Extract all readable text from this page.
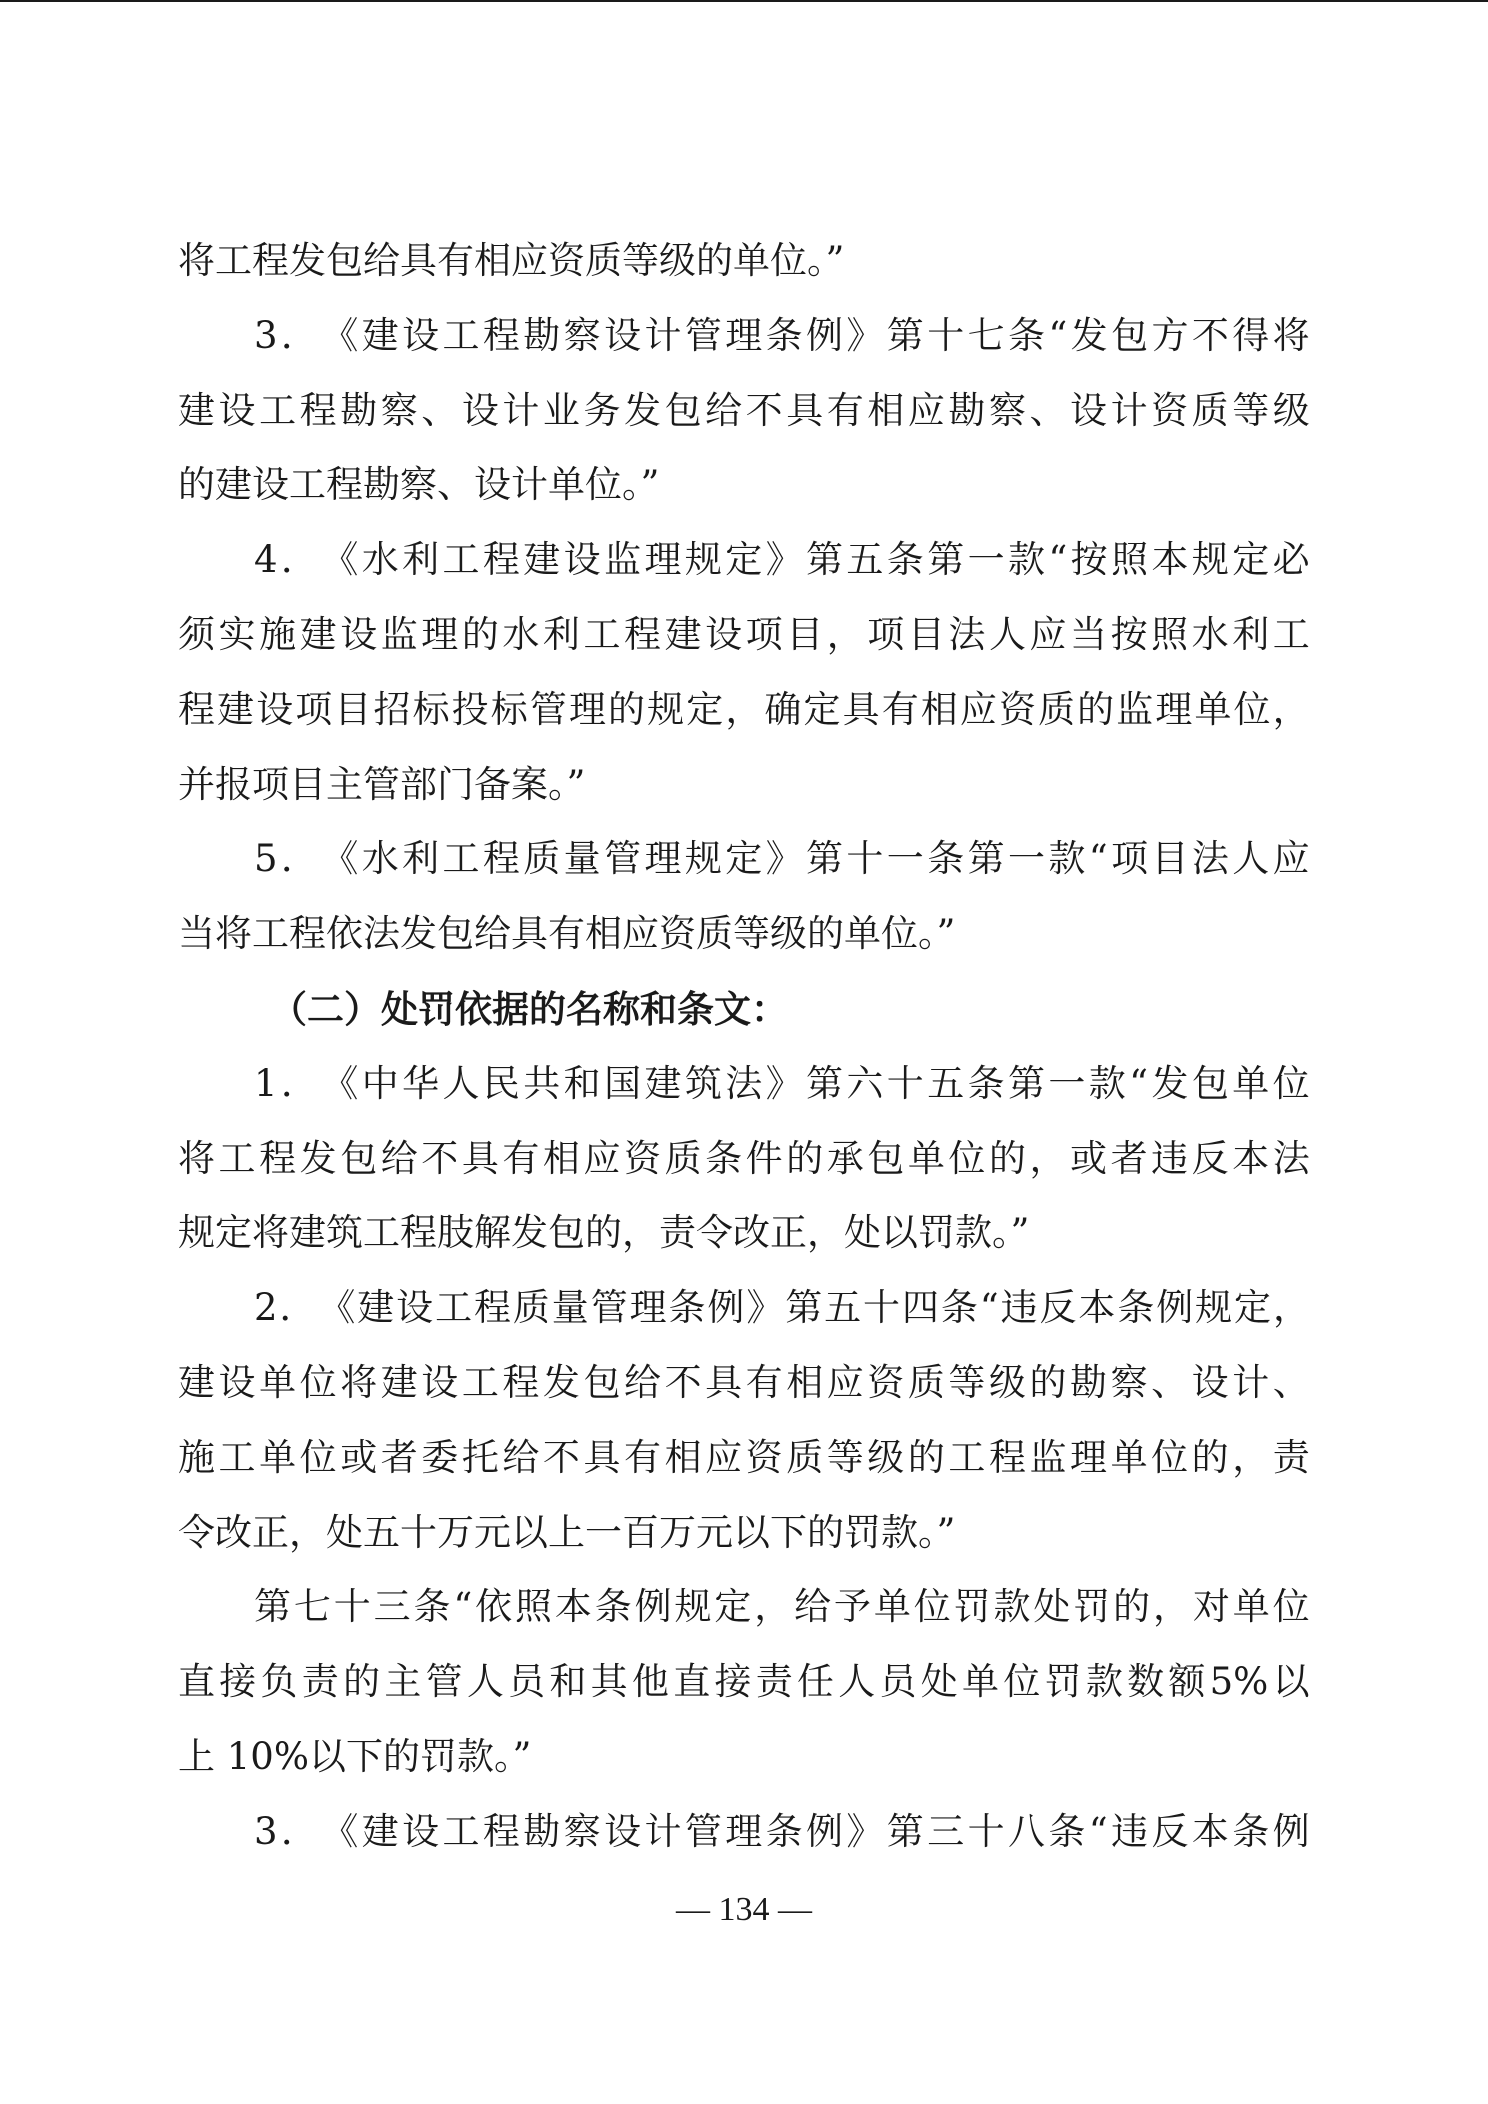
将工程发包给具有相应资质等级的单位。”
3 ． 《 建 设 工 程 勘 察 设 计 管 理 条 例 》 第 十 七 条 “ 发 包 方 不 得 将
建 设 工 程 勘 察 、 设 计 业 务 发 包 给 不 具 有 相 应 勘 察 、 设 计 资 质 等 级
的建设工程勘察、设计单位。”
4 ． 《 水 利 工 程 建 设 监 理 规 定 》 第 五 条 第 一 款 “ 按 照 本 规 定 必
须 实 施 建 设 监 理 的 水 利 工 程 建 设 项 目 ， 项 目 法 人 应 当 按 照 水 利 工
程 建 设 项 目 招 标 投 标 管 理 的 规 定 ， 确 定 具 有 相 应 资 质 的 监 理 单 位 ，
并报项目主管部门备案。”
5 ． 《 水 利 工 程 质 量 管 理 规 定 》 第 十 一 条 第 一 款 “ 项 目 法 人 应
当将工程依法发包给具有相应资质等级的单位。”
（二）处罚依据的名称和条文：
1 ． 《 中 华 人 民 共 和 国 建 筑 法 》 第 六 十 五 条 第 一 款 “ 发 包 单 位
将 工 程 发 包 给 不 具 有 相 应 资 质 条 件 的 承 包 单 位 的 ， 或 者 违 反 本 法
规定将建筑工程肢解发包的，责令改正，处以罚款。”
2 ． 《 建 设 工 程 质 量 管 理 条 例 》 第 五 十 四 条 “ 违 反 本 条 例 规 定 ，
建 设 单 位 将 建 设 工 程 发 包 给 不 具 有 相 应 资 质 等 级 的 勘 察 、 设 计 、
施 工 单 位 或 者 委 托 给 不 具 有 相 应 资 质 等 级 的 工 程 监 理 单 位 的 ， 责
令改正，处五十万元以上一百万元以下的罚款。”
第 七 十 三 条 “ 依 照 本 条 例 规 定 ， 给 予 单 位 罚 款 处 罚 的 ， 对 单 位
直 接 负 责 的 主 管 人 员 和 其 他 直 接 责 任 人 员 处 单 位 罚 款 数 额 5% 以
上 10%以下的罚款。”
3 ． 《 建 设 工 程 勘 察 设 计 管 理 条 例 》 第 三 十 八 条 “ 违 反 本 条 例
— 134 —
